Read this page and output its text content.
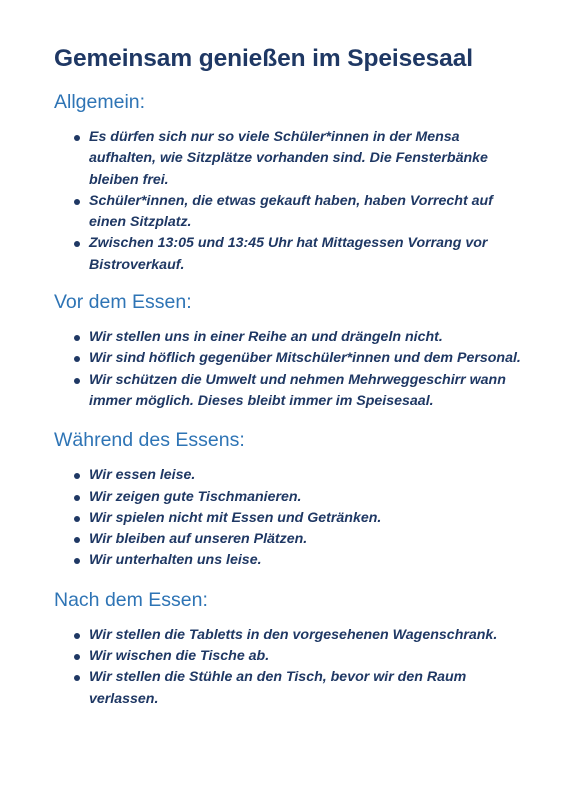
Gemeinsam genießen im Speisesaal
Allgemein:
Es dürfen sich nur so viele Schüler*innen in der Mensa aufhalten, wie Sitzplätze vorhanden sind. Die Fensterbänke bleiben frei.
Schüler*innen, die etwas gekauft haben, haben Vorrecht auf einen Sitzplatz.
Zwischen 13:05 und 13:45 Uhr hat Mittagessen Vorrang vor Bistroverkauf.
Vor dem Essen:
Wir stellen uns in einer Reihe an und drängeln nicht.
Wir sind höflich gegenüber Mitschüler*innen und dem Personal.
Wir schützen die Umwelt und nehmen Mehrweggeschirr wann immer möglich. Dieses bleibt immer im Speisesaal.
Während des Essens:
Wir essen leise.
Wir zeigen gute Tischmanieren.
Wir spielen nicht mit Essen und Getränken.
Wir bleiben auf unseren Plätzen.
Wir unterhalten uns leise.
Nach dem Essen:
Wir stellen die Tabletts in den vorgesehenen Wagenschrank.
Wir wischen die Tische ab.
Wir stellen die Stühle an den Tisch, bevor wir den Raum verlassen.
